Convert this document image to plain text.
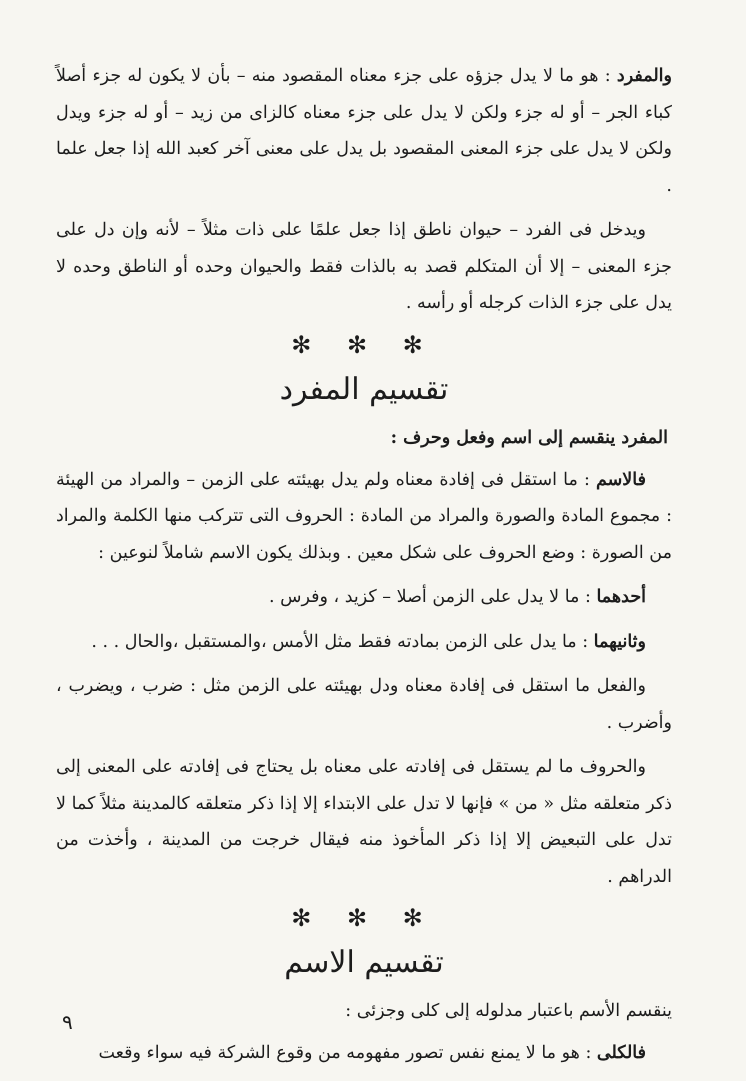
والمفرد : هو ما لا يدل جزؤه على جزء معناه المقصود منه – بأن لا يكون له جزء أصلاً كباء الجر – أو له جزء ولكن لا يدل على جزء معناه كالزاى من زيد – أو له جزء ويدل ولكن لا يدل على جزء المعنى المقصود بل يدل على معنى آخر كعبد الله إذا جعل علما .

ويدخل فى الفرد – حيوان ناطق إذا جعل علمًا على ذات مثلاً – لأنه وإن دل على جزء المعنى – إلا أن المتكلم قصد به بالذات فقط والحيوان وحده أو الناطق وحده لا يدل على جزء الذات كرجله أو رأسه .

✻ ✻ ✻
تقسيم المفرد
المفرد ينقسم إلى اسم وفعل وحرف :

فالاسم : ما استقل فى إفادة معناه ولم يدل بهيئته على الزمن – والمراد من الهيئة : مجموع المادة والصورة والمراد من المادة : الحروف التى تتركب منها الكلمة والمراد من الصورة : وضع الحروف على شكل معين . وبذلك يكون الاسم شاملاً لنوعين :

أحدهما : ما لا يدل على الزمن أصلا – كزيد ، وفرس .

وثانيهما : ما يدل على الزمن بمادته فقط مثل الأمس ،والمستقبل ،والحال . . .

والفعل ما استقل فى إفادة معناه ودل بهيئته على الزمن مثل : ضرب ، ويضرب ، وأضرب .

والحروف ما لم يستقل فى إفادته على معناه بل يحتاج فى إفادته على المعنى إلى ذكر متعلقه مثل « من » فإنها لا تدل على الابتداء إلا إذا ذكر متعلقه كالمدينة مثلاً كما لا تدل على التبعيض إلا إذا ذكر المأخوذ منه فيقال خرجت من المدينة ، وأخذت من الدراهم .

✻ ✻ ✻
تقسيم الاسم
ينقسم الأسم باعتبار مدلوله إلى كلى وجزئى :

فالكلى : هو ما لا يمنع نفس تصور مفهومه من وقوع الشركة فيه سواء وقعت

٩
